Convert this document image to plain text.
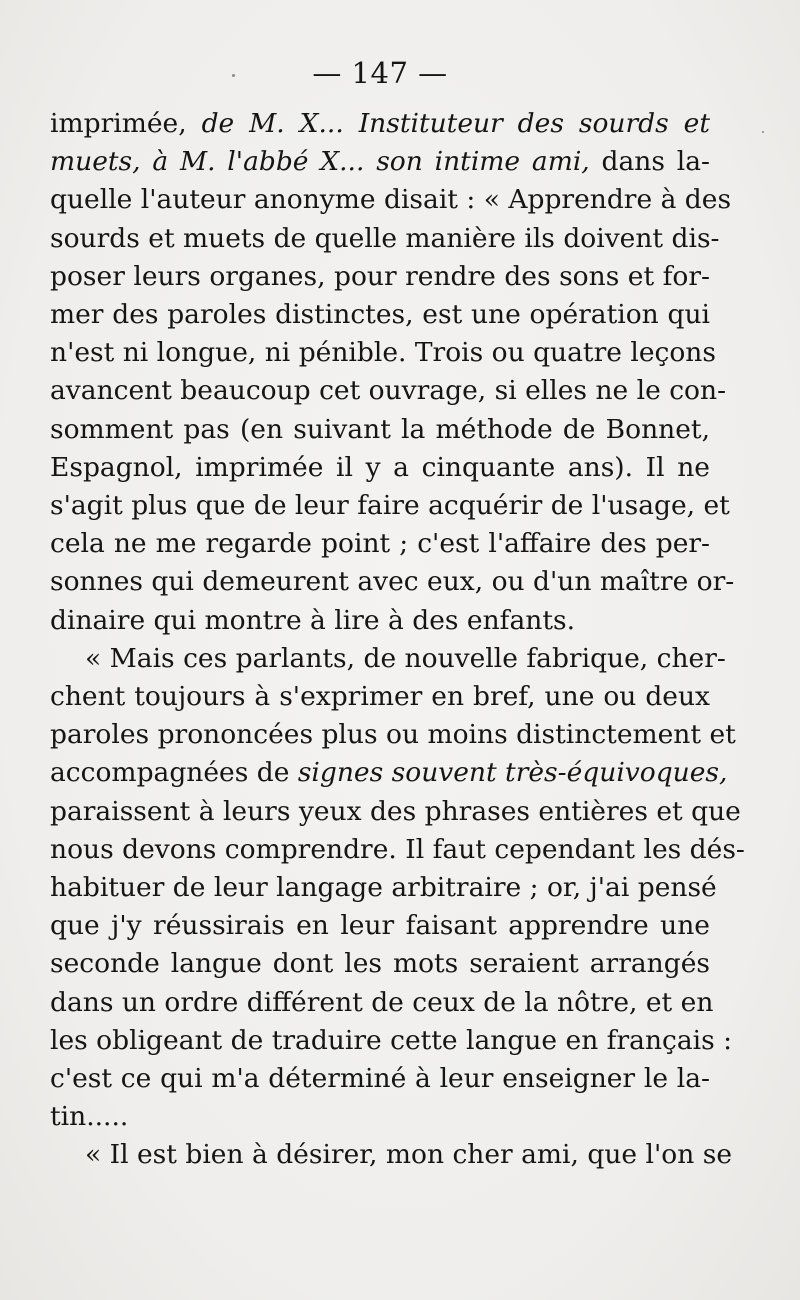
— 147 —
imprimée, de M. X... Instituteur des sourds et
muets, à M. l'abbé X... son intime ami, dans la-
quelle l'auteur anonyme disait : « Apprendre à des
sourds et muets de quelle manière ils doivent dis-
poser leurs organes, pour rendre des sons et for-
mer des paroles distinctes, est une opération qui
n'est ni longue, ni pénible. Trois ou quatre leçons
avancent beaucoup cet ouvrage, si elles ne le con-
somment pas (en suivant la méthode de Bonnet,
Espagnol, imprimée il y a cinquante ans). Il ne
s'agit plus que de leur faire acquérir de l'usage, et
cela ne me regarde point ; c'est l'affaire des per-
sonnes qui demeurent avec eux, ou d'un maître or-
dinaire qui montre à lire à des enfants.
« Mais ces parlants, de nouvelle fabrique, cher-
chent toujours à s'exprimer en bref, une ou deux
paroles prononcées plus ou moins distinctement et
accompagnées de signes souvent très-équivoques,
paraissent à leurs yeux des phrases entières et que
nous devons comprendre. Il faut cependant les dés-
habituer de leur langage arbitraire ; or, j'ai pensé
que j'y réussirais en leur faisant apprendre une
seconde langue dont les mots seraient arrangés
dans un ordre différent de ceux de la nôtre, et en
les obligeant de traduire cette langue en français :
c'est ce qui m'a déterminé à leur enseigner le la-
tin.....
« Il est bien à désirer, mon cher ami, que l'on se
